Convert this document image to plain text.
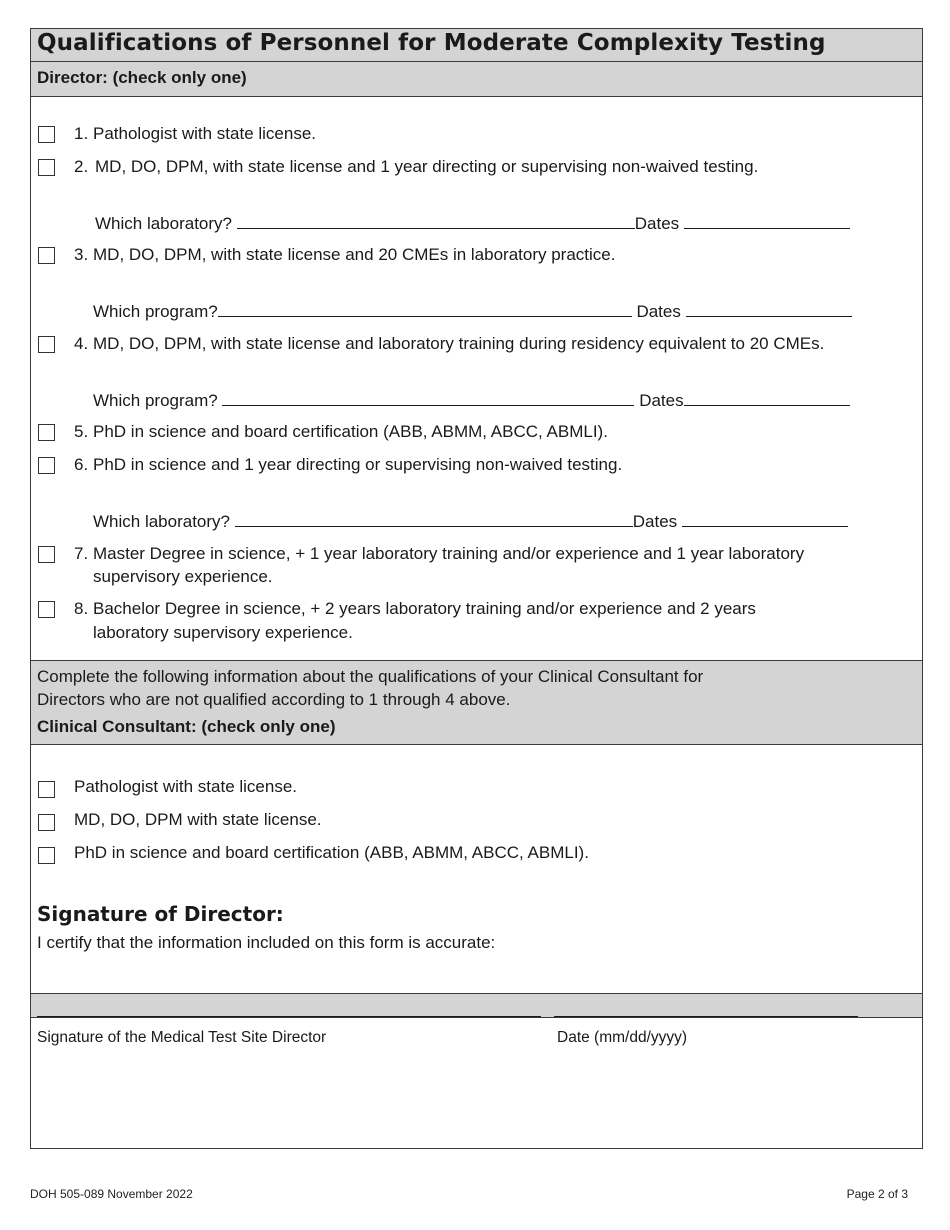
Qualifications of Personnel for Moderate Complexity Testing
Director: (check only one)
1. Pathologist with state license.
2. MD, DO, DPM, with state license and 1 year directing or supervising non-waived testing.
Which laboratory?	Dates
3. MD, DO, DPM, with state license and 20 CMEs in laboratory practice.
Which program?	Dates
4. MD, DO, DPM, with state license and laboratory training during residency equivalent to 20 CMEs.
Which program?	Dates
5. PhD in science and board certification (ABB, ABMM, ABCC, ABMLI).
6. PhD in science and 1 year directing or supervising non-waived testing.
Which laboratory?	Dates
7. Master Degree in science, + 1 year laboratory training and/or experience and 1 year laboratory
supervisory experience.
8. Bachelor Degree in science, + 2 years laboratory training and/or experience and 2 years
laboratory supervisory experience.
Complete the following information about the qualifications of your Clinical Consultant for
Directors who are not qualified according to 1 through 4 above.
Clinical Consultant: (check only one)
Pathologist with state license.
MD, DO, DPM with state license.
PhD in science and board certification (ABB, ABMM, ABCC, ABMLI).
Signature of Director:
I certify that the information included on this form is accurate:
Signature of the Medical Test Site Director	Date (mm/dd/yyyy)
DOH 505-089 November 2022	Page 2 of 3
